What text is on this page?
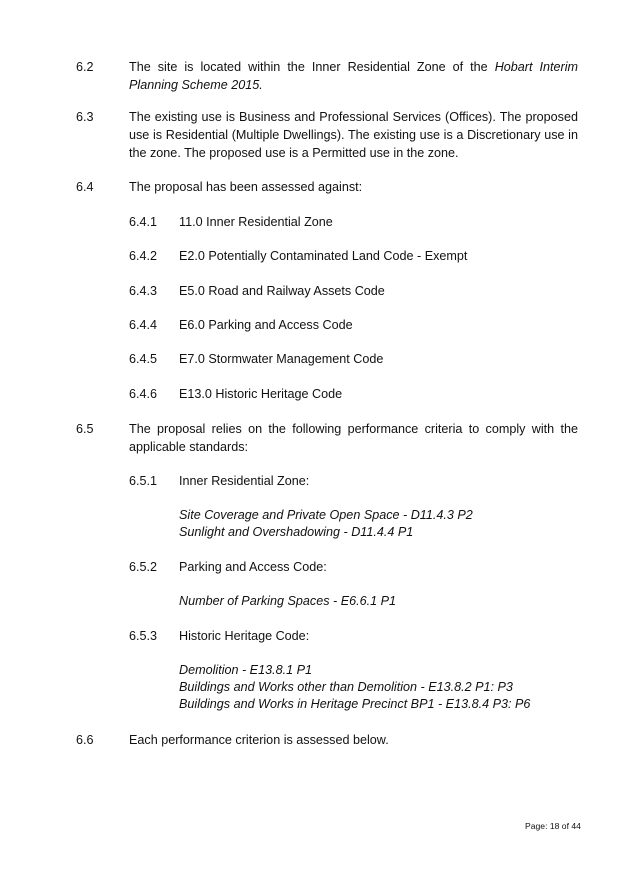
6.2	The site is located within the Inner Residential Zone of the Hobart Interim Planning Scheme 2015.
6.3	The existing use is Business and Professional Services (Offices). The proposed use is Residential (Multiple Dwellings). The existing use is a Discretionary use in the zone. The proposed use is a Permitted use in the zone.
6.4	The proposal has been assessed against:
6.4.1 11.0 Inner Residential Zone
6.4.2 E2.0 Potentially Contaminated Land Code - Exempt
6.4.3 E5.0 Road and Railway Assets Code
6.4.4 E6.0 Parking and Access Code
6.4.5 E7.0 Stormwater Management Code
6.4.6 E13.0 Historic Heritage Code
6.5	The proposal relies on the following performance criteria to comply with the applicable standards:
6.5.1 Inner Residential Zone:
Site Coverage and Private Open Space - D11.4.3 P2
Sunlight and Overshadowing - D11.4.4 P1
6.5.2 Parking and Access Code:
Number of Parking Spaces - E6.6.1 P1
6.5.3 Historic Heritage Code:
Demolition - E13.8.1 P1
Buildings and Works other than Demolition - E13.8.2 P1: P3
Buildings and Works in Heritage Precinct BP1 - E13.8.4 P3: P6
6.6	Each performance criterion is assessed below.
Page: 18 of 44
